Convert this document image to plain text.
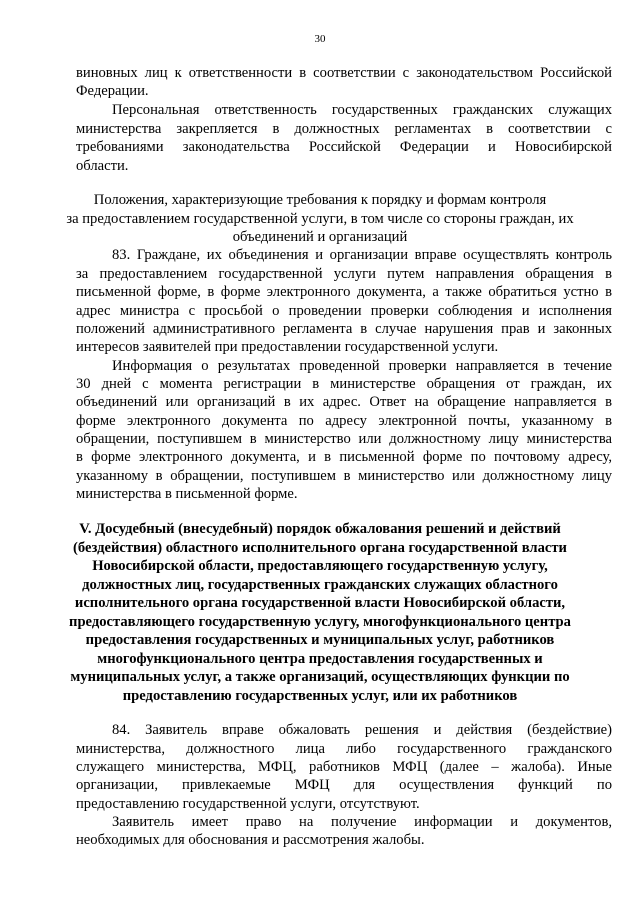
30
виновных лиц к ответственности в соответствии с законодательством Российской
Федерации.
Персональная ответственность государственных гражданских служащих
министерства закрепляется в должностных регламентах в соответствии с
требованиями законодательства Российской Федерации и Новосибирской
области.
Положения, характеризующие требования к порядку и формам контроля
за предоставлением государственной услуги, в том числе со стороны граждан, их
объединений и организаций
83. Граждане, их объединения и организации вправе осуществлять контроль
за предоставлением государственной услуги путем направления обращения в
письменной форме, в форме электронного документа, а также обратиться устно в
адрес министра с просьбой о проведении проверки соблюдения и исполнения
положений административного регламента в случае нарушения прав и законных
интересов заявителей при предоставлении государственной услуги.
Информация о результатах проведенной проверки направляется в течение
30 дней с момента регистрации в министерстве обращения от граждан, их
объединений или организаций в их адрес. Ответ на обращение направляется в
форме электронного документа по адресу электронной почты, указанному в
обращении, поступившем в министерство или должностному лицу министерства
в форме электронного документа, и в письменной форме по почтовому адресу,
указанному в обращении, поступившем в министерство или должностному лицу
министерства в письменной форме.
V. Досудебный (внесудебный) порядок обжалования решений и действий
(бездействия) областного исполнительного органа государственной власти
Новосибирской области, предоставляющего государственную услугу,
должностных лиц, государственных гражданских служащих областного
исполнительного органа государственной власти Новосибирской области,
предоставляющего государственную услугу, многофункционального центра
предоставления государственных и муниципальных услуг, работников
многофункционального центра предоставления государственных и
муниципальных услуг, а также организаций, осуществляющих функции по
предоставлению государственных услуг, или их работников
84. Заявитель вправе обжаловать решения и действия (бездействие)
министерства, должностного лица либо государственного гражданского
служащего министерства, МФЦ, работников МФЦ (далее – жалоба). Иные
организации, привлекаемые МФЦ для осуществления функций по
предоставлению государственной услуги, отсутствуют.
Заявитель имеет право на получение информации и документов,
необходимых для обоснования и рассмотрения жалобы.
